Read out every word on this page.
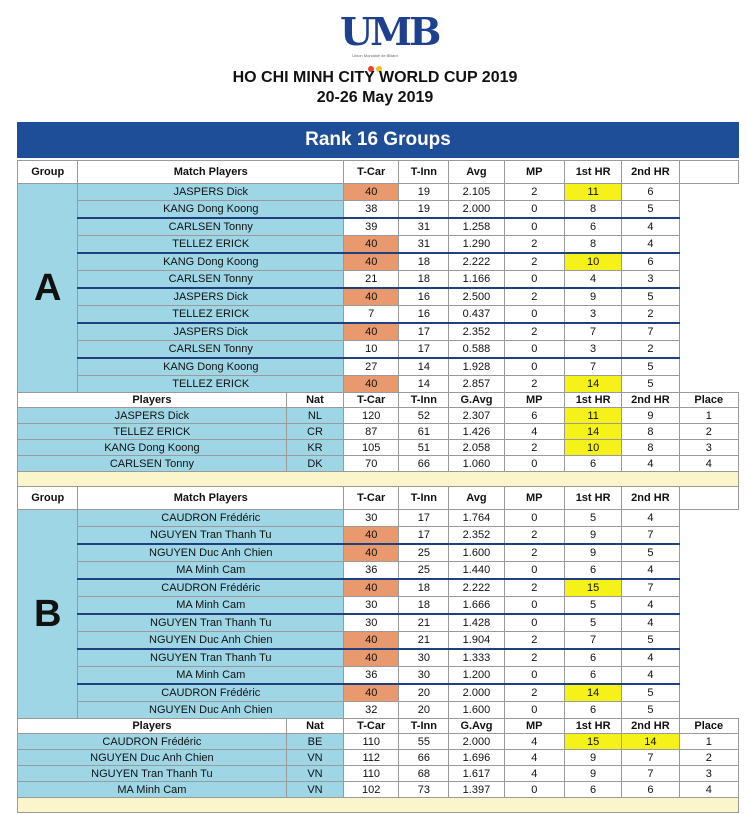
UMB
Union Mondiale de Billard
HO CHI MINH CITY WORLD CUP 2019
20-26 May 2019
Rank 16 Groups
Group	Match Players		T-Car	T-Inn	Avg	MP	1st HR	2nd HR	
A	JASPERS Dick		40	19	2.105	2	11	6	
	KANG Dong Koong		38	19	2.000	0	8	5	
	CARLSEN Tonny		39	31	1.258	0	6	4	
	TELLEZ ERICK		40	31	1.290	2	8	4	
	KANG Dong Koong		40	18	2.222	2	10	6	
	CARLSEN Tonny		21	18	1.166	0	4	3	
	JASPERS Dick		40	16	2.500	2	9	5	
	TELLEZ ERICK		7	16	0.437	0	3	2	
	JASPERS Dick		40	17	2.352	2	7	7	
	CARLSEN Tonny		10	17	0.588	0	3	2	
	KANG Dong Koong		27	14	1.928	0	7	5	
	TELLEZ ERICK		40	14	2.857	2	14	5	
Players		Nat	T-Car	T-Inn	G.Avg	MP	1st HR	2nd HR	Place
JASPERS Dick		NL	120	52	2.307	6	11	9	1
TELLEZ ERICK		CR	87	61	1.426	4	14	8	2
KANG Dong Koong		KR	105	51	2.058	2	10	8	3
CARLSEN Tonny		DK	70	66	1.060	0	6	4	4

Group	Match Players		T-Car	T-Inn	Avg	MP	1st HR	2nd HR	
B	CAUDRON Frédéric		30	17	1.764	0	5	4	
	NGUYEN Tran Thanh Tu		40	17	2.352	2	9	7	
	NGUYEN Duc Anh Chien		40	25	1.600	2	9	5	
	MA Minh Cam		36	25	1.440	0	6	4	
	CAUDRON Frédéric		40	18	2.222	2	15	7	
	MA Minh Cam		30	18	1.666	0	5	4	
	NGUYEN Tran Thanh Tu		30	21	1.428	0	5	4	
	NGUYEN Duc Anh Chien		40	21	1.904	2	7	5	
	NGUYEN Tran Thanh Tu		40	30	1.333	2	6	4	
	MA Minh Cam		36	30	1.200	0	6	4	
	CAUDRON Frédéric		40	20	2.000	2	14	5	
	NGUYEN Duc Anh Chien		32	20	1.600	0	6	5	
Players		Nat	T-Car	T-Inn	G.Avg	MP	1st HR	2nd HR	Place
CAUDRON Frédéric		BE	110	55	2.000	4	15	14	1
NGUYEN Duc Anh Chien		VN	112	66	1.696	4	9	7	2
NGUYEN Tran Thanh Tu		VN	110	68	1.617	4	9	7	3
MA Minh Cam		VN	102	73	1.397	0	6	6	4
